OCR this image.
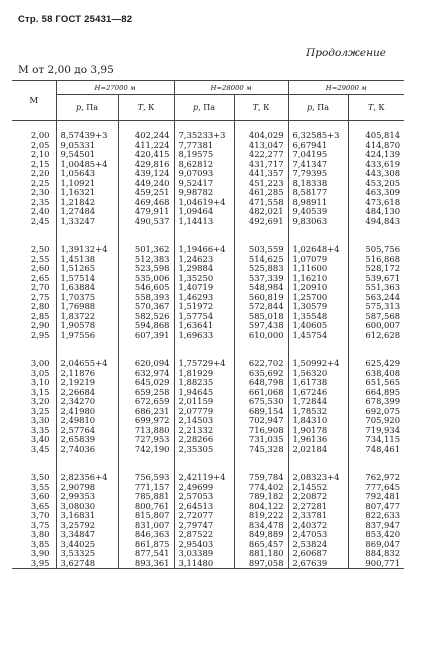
Стр. 58 ГОСТ 25431—82
Продолжение
М от 2,00 до 3,95
М	Н=27000 м		Н=28000 м		Н=29000 м	
	р, Па	Т, К	р, Па	Т, К	р, Па	Т, К

2,00	8,57439+3	402,244	7,35233+3	404,029	6,32585+3	405,814
2,05	9,05331	411,224	7,77381	413,047	6,67941	414,870
2,10	9,54501	420,415	8,19575	422,277	7,04195	424,139
2,15	1,00485+4	429,816	8,62812	431,717	7,41347	433,619
2,20	1,05643	439,124	9,07093	441,357	7,79395	443,308
2,25	1,10921	449,240	9,52417	451,223	8,18338	453,205
2,30	1,16321	459,251	9,98782	461,285	8,58177	463,309
2,35	1,21842	469,468	1,04619+4	471,558	8,98911	473,618
2,40	1,27484	479,911	1,09464	482,021	9,40539	484,130
2,45	1,33247	490,537	1,14413	492,691	9,83063	494,843

2,50	1,39132+4	501,362	1,19466+4	503,559	1,02648+4	505,756
2,55	1,45138	512,383	1,24623	514,625	1,07079	516,868
2,60	1,51265	523,598	1,29884	525,883	1,11600	528,172
2,65	1,57514	535,006	1,35250	537,339	1,16210	539,671
2,70	1,63884	546,605	1,40719	548,984	1,20910	551,363
2,75	1,70375	558,393	1,46293	560,819	1,25700	563,244
2,80	1,76988	570,367	1,51972	572,844	1,30579	575,313
2,85	1,83722	582,526	1,57754	585,018	1,35548	587,568
2,90	1,90578	594,868	1,63641	597,438	1,40605	600,007
2,95	1,97556	607,391	1,69633	610,000	1,45754	612,628

3,00	2,04655+4	620,094	1,75729+4	622,702	1,50992+4	625,429
3,05	2,11876	632,974	1,81929	635,692	1,56320	638,408
3,10	2,19219	645,029	1,88235	648,798	1,61738	651,565
3,15	2,26684	659,258	1,94645	661,068	1,67246	664,895
3,20	2,34270	672,659	2,01159	675,530	1,72844	678,399
3,25	2,41980	686,231	2,07779	689,154	1,78532	692,075
3,30	2,49810	699,972	2,14503	702,947	1,84310	705,920
3,35	2,57764	713,880	2,21332	716,908	1,90178	719,934
3,40	2,65839	727,953	2,28266	731,035	1,96136	734,115
3,45	2,74036	742,190	2,35305	745,328	2,02184	748,461

3,50	2,82356+4	756,593	2,42119+4	759,784	2,08323+4	762,972
3,55	2,90798	771,157	2,49699	774,402	2,14552	777,645
3,60	2,99353	785,881	2,57053	789,182	2,20872	792,481
3,65	3,08030	800,761	2,64513	804,122	2,27281	807,477
3,70	3,16831	815,807	2,72077	819,222	2,33781	822,633
3,75	3,25792	831,007	2,79747	834,478	2,40372	837,947
3,80	3,34847	846,363	2,87522	849,889	2,47053	853,420
3,85	3,44025	861,875	2,95403	865,457	2,53824	869,047
3,90	3,53325	877,541	3,03389	881,180	2,60687	884,832
3,95	3,62748	893,361	3,11480	897,058	2,67639	900,771
